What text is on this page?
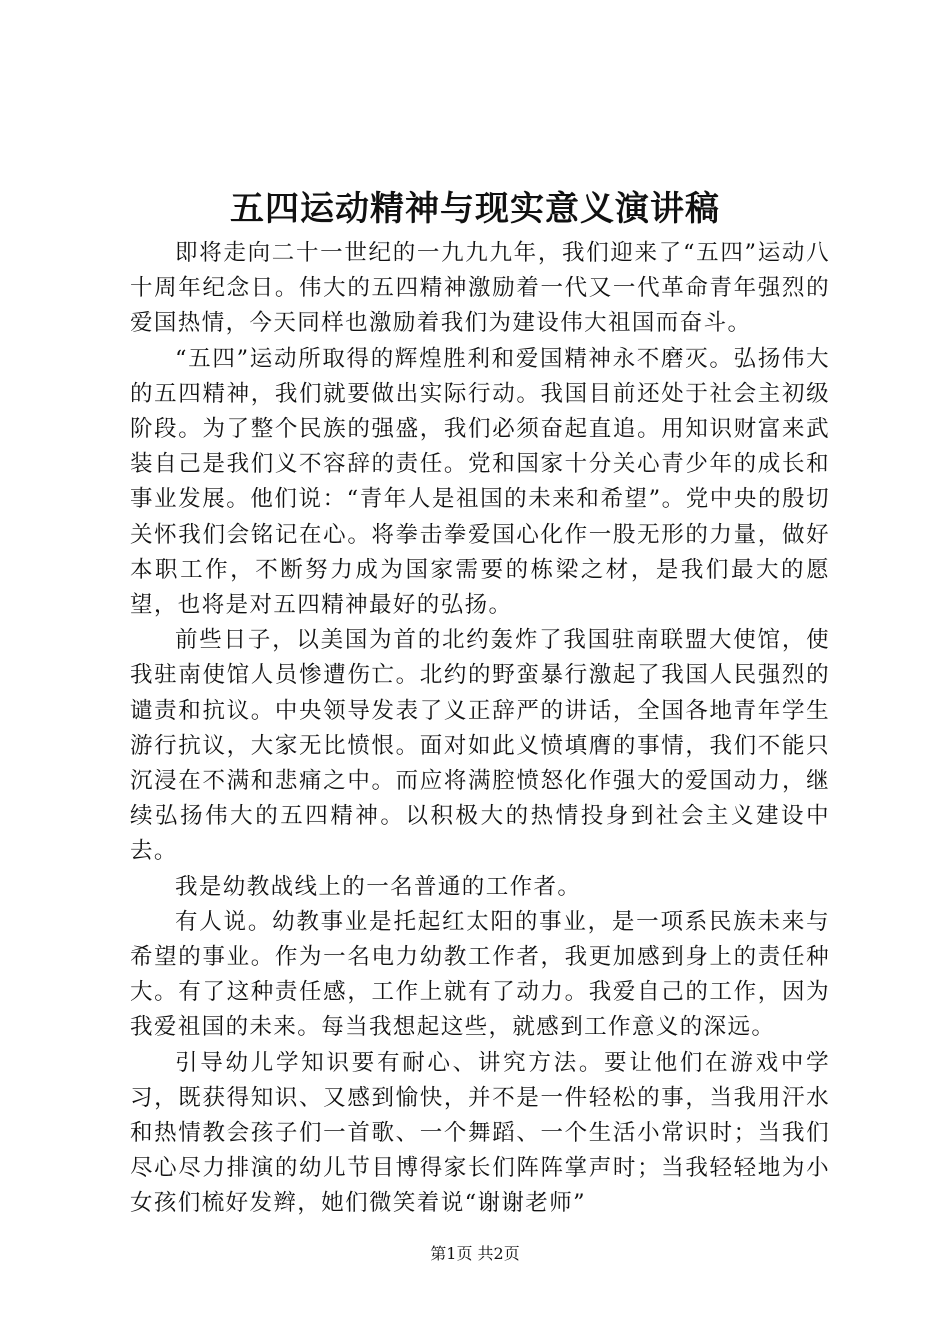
五四运动精神与现实意义演讲稿

即将走向二十一世纪的一九九九年，我们迎来了“五四”运动八十周年纪念日。伟大的五四精神激励着一代又一代革命青年强烈的爱国热情，今天同样也激励着我们为建设伟大祖国而奋斗。

“五四”运动所取得的辉煌胜利和爱国精神永不磨灭。弘扬伟大的五四精神，我们就要做出实际行动。我国目前还处于社会主初级阶段。为了整个民族的强盛，我们必须奋起直追。用知识财富来武装自己是我们义不容辞的责任。党和国家十分关心青少年的成长和事业发展。他们说：“青年人是祖国的未来和希望”。党中央的殷切关怀我们会铭记在心。将拳击拳爱国心化作一股无形的力量，做好本职工作，不断努力成为国家需要的栋梁之材，是我们最大的愿望，也将是对五四精神最好的弘扬。

前些日子，以美国为首的北约轰炸了我国驻南联盟大使馆，使我驻南使馆人员惨遭伤亡。北约的野蛮暴行激起了我国人民强烈的谴责和抗议。中央领导发表了义正辞严的讲话，全国各地青年学生游行抗议，大家无比愤恨。面对如此义愤填膺的事情，我们不能只沉浸在不满和悲痛之中。而应将满腔愤怒化作强大的爱国动力，继续弘扬伟大的五四精神。以积极大的热情投身到社会主义建设中去。

我是幼教战线上的一名普通的工作者。

有人说。幼教事业是托起红太阳的事业，是一项系民族未来与希望的事业。作为一名电力幼教工作者，我更加感到身上的责任种大。有了这种责任感，工作上就有了动力。我爱自己的工作，因为我爱祖国的未来。每当我想起这些，就感到工作意义的深远。

引导幼儿学知识要有耐心、讲究方法。要让他们在游戏中学习，既获得知识、又感到愉快，并不是一件轻松的事，当我用汗水和热情教会孩子们一首歌、一个舞蹈、一个生活小常识时；当我们尽心尽力排演的幼儿节目博得家长们阵阵掌声时；当我轻轻地为小女孩们梳好发辫，她们微笑着说“谢谢老师”

第1页 共2页
